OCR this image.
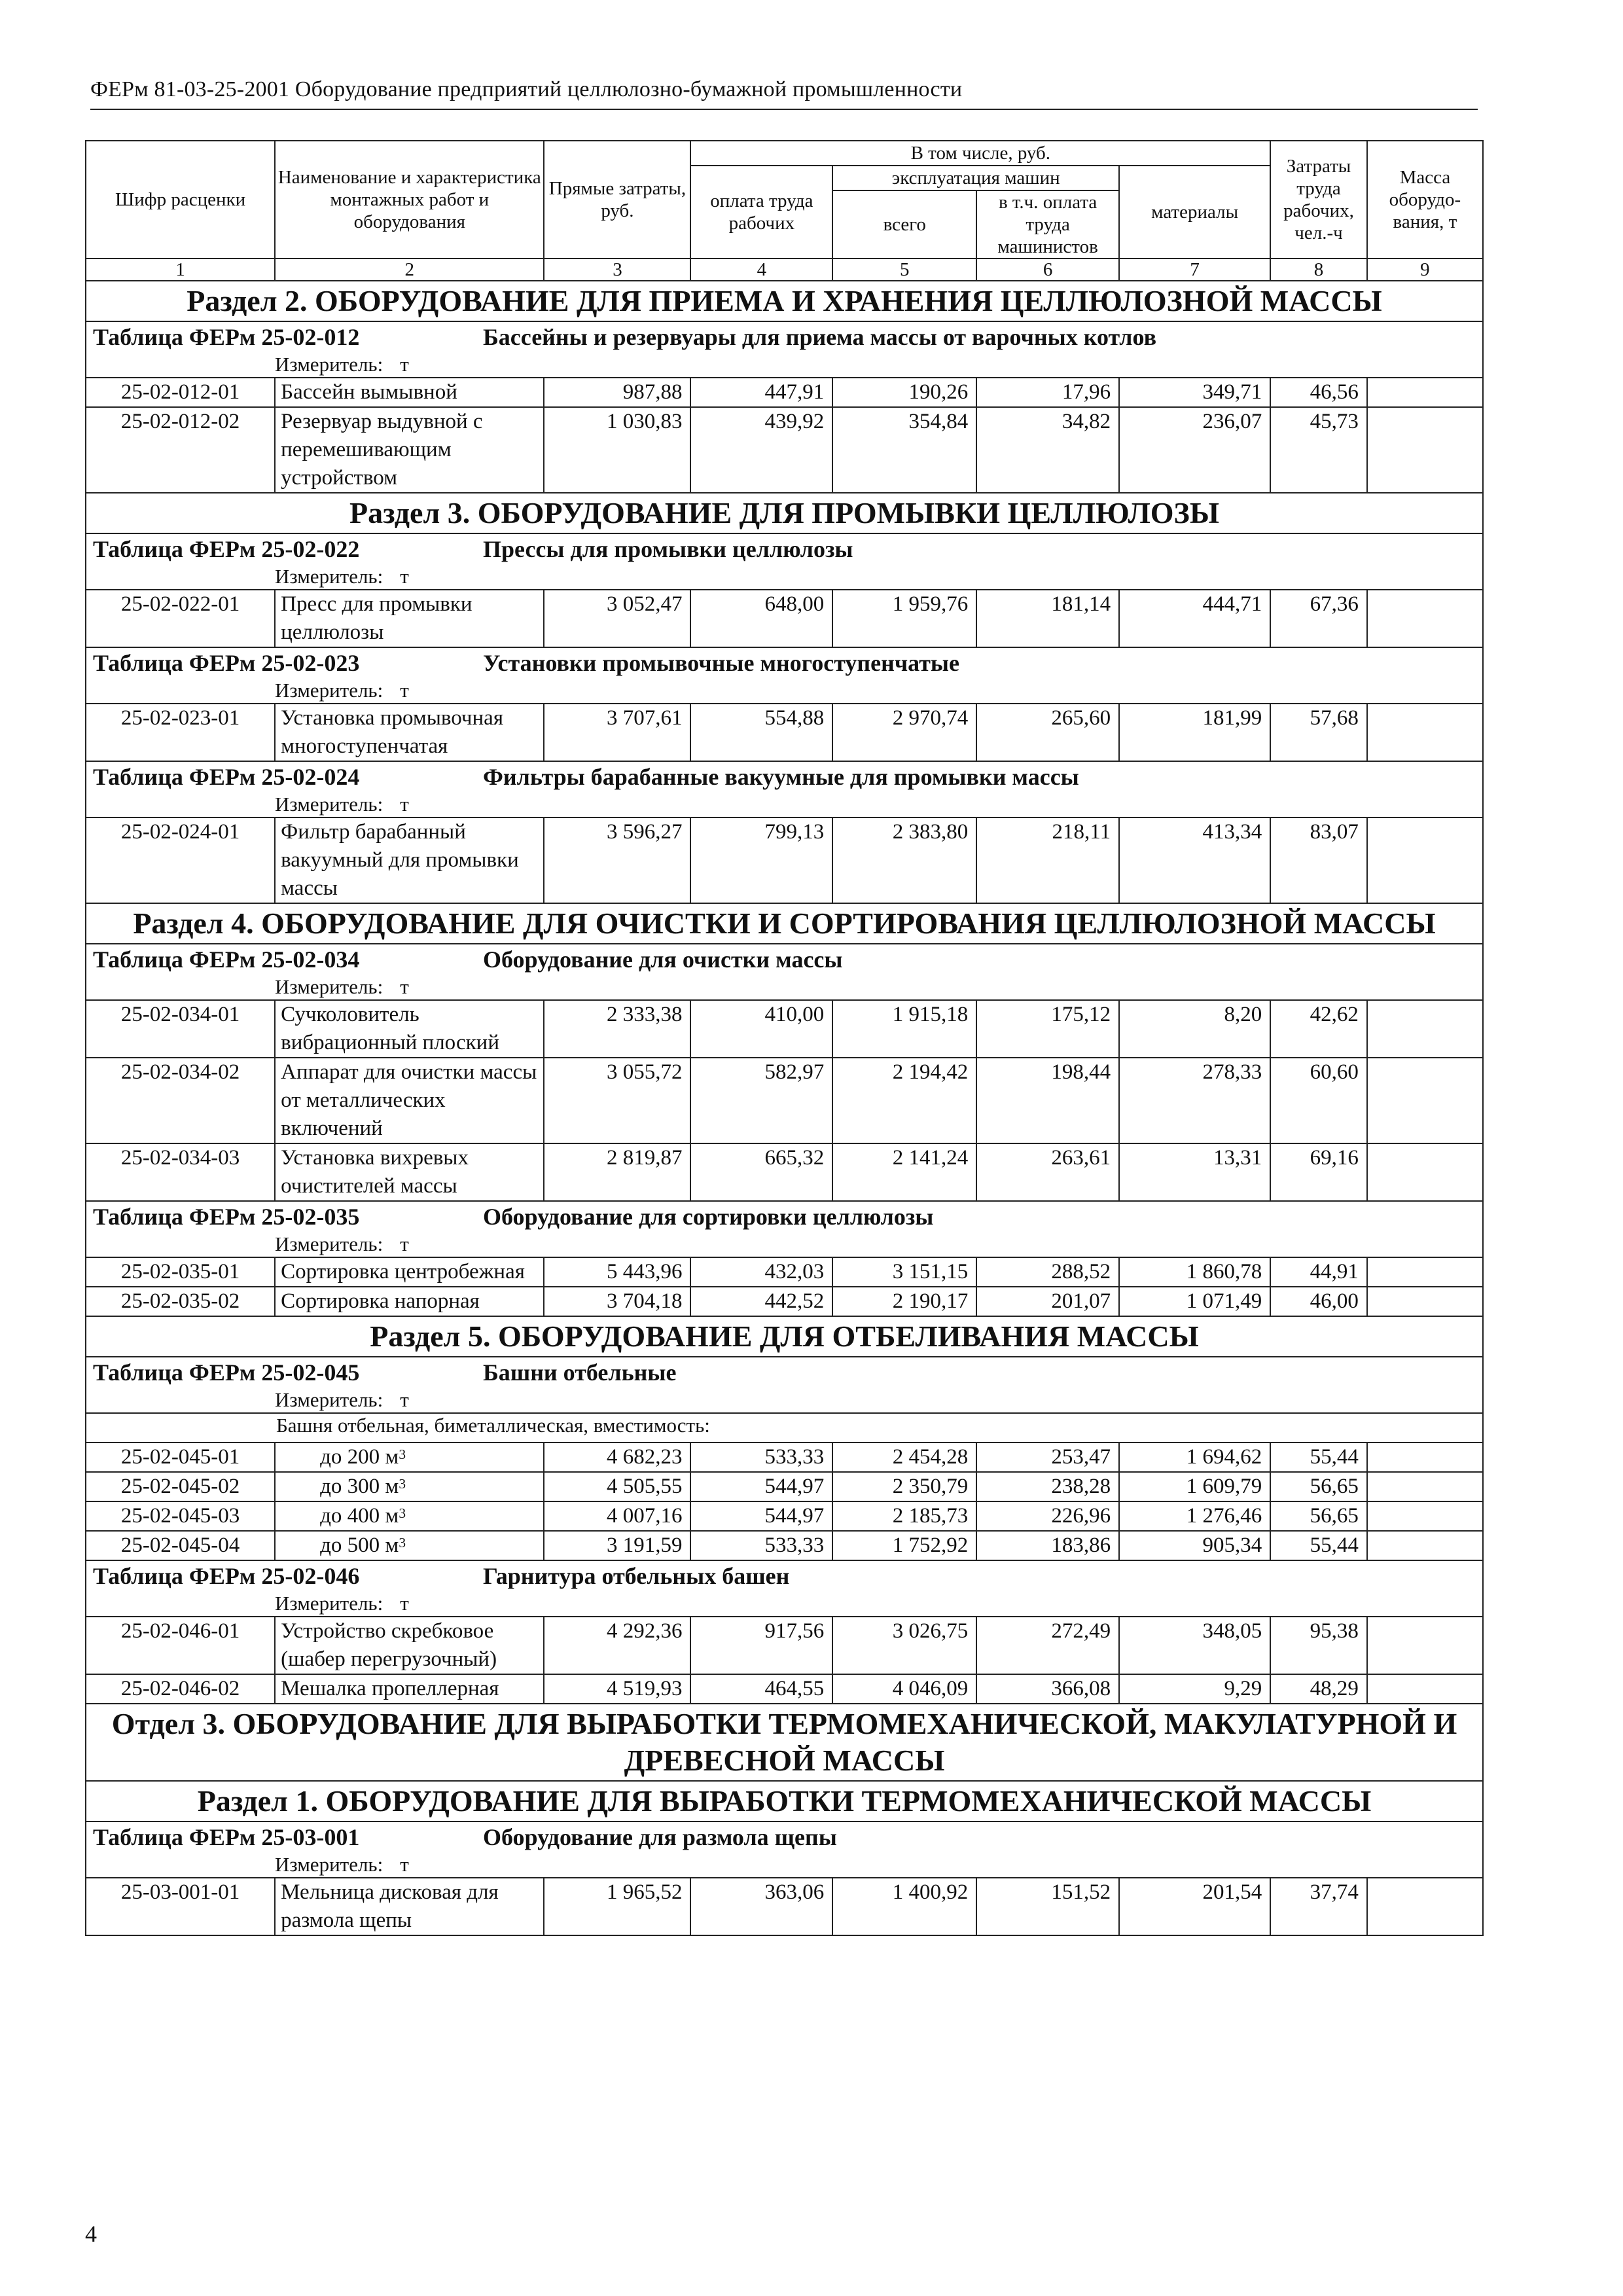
ФЕРм 81-03-25-2001 Оборудование предприятий целлюлозно-бумажной промышленности
Шифр расценки	Наименование и характеристика монтажных работ и оборудования	Прямые затраты, руб.	В том числе, руб.				Затраты труда рабочих, чел.-ч	Масса оборудо-вания, т
			оплата труда рабочих	эксплуатация машин		материалы		
				всего	в т.ч. оплата труда машинистов			

1	2	3	4	5	6	7	8	9
Раздел 2. ОБОРУДОВАНИЕ ДЛЯ ПРИЕМА И ХРАНЕНИЯ ЦЕЛЛЮЛОЗНОЙ МАССЫ								
Таблица ФЕРм 25-02-012 Бассейны и резервуары для приема массы от варочных котлов								
Измеритель: т								
25-02-012-01	Бассейн вымывной	987,88	447,91	190,26	17,96	349,71	46,56	
25-02-012-02	Резервуар выдувной с перемешивающим устройством	1 030,83	439,92	354,84	34,82	236,07	45,73	
Раздел 3. ОБОРУДОВАНИЕ ДЛЯ ПРОМЫВКИ ЦЕЛЛЮЛОЗЫ								
Таблица ФЕРм 25-02-022 Прессы для промывки целлюлозы								
Измеритель: т								
25-02-022-01	Пресс для промывки целлюлозы	3 052,47	648,00	1 959,76	181,14	444,71	67,36	
Таблица ФЕРм 25-02-023 Установки промывочные многоступенчатые								
Измеритель: т								
25-02-023-01	Установка промывочная многоступенчатая	3 707,61	554,88	2 970,74	265,60	181,99	57,68	
Таблица ФЕРм 25-02-024 Фильтры барабанные вакуумные для промывки массы								
Измеритель: т								
25-02-024-01	Фильтр барабанный вакуумный для промывки массы	3 596,27	799,13	2 383,80	218,11	413,34	83,07	
Раздел 4. ОБОРУДОВАНИЕ ДЛЯ ОЧИСТКИ И СОРТИРОВАНИЯ ЦЕЛЛЮЛОЗНОЙ МАССЫ								
Таблица ФЕРм 25-02-034 Оборудование для очистки массы								
Измеритель: т								
25-02-034-01	Сучколовитель вибрационный плоский	2 333,38	410,00	1 915,18	175,12	8,20	42,62	
25-02-034-02	Аппарат для очистки массы от металлических включений	3 055,72	582,97	2 194,42	198,44	278,33	60,60	
25-02-034-03	Установка вихревых очистителей массы	2 819,87	665,32	2 141,24	263,61	13,31	69,16	
Таблица ФЕРм 25-02-035 Оборудование для сортировки целлюлозы								
Измеритель: т								
25-02-035-01	Сортировка центробежная	5 443,96	432,03	3 151,15	288,52	1 860,78	44,91	
25-02-035-02	Сортировка напорная	3 704,18	442,52	2 190,17	201,07	1 071,49	46,00	
Раздел 5. ОБОРУДОВАНИЕ ДЛЯ ОТБЕЛИВАНИЯ МАССЫ								
Таблица ФЕРм 25-02-045 Башни отбельные								
Измеритель: т								
Башня отбельная, биметаллическая, вместимость:								
25-02-045-01	до 200 $м^3$	4 682,23	533,33	2 454,28	253,47	1 694,62	55,44	
25-02-045-02	до 300 $м^3$	4 505,55	544,97	2 350,79	238,28	1 609,79	56,65	
25-02-045-03	до 400 $м^3$	4 007,16	544,97	2 185,73	226,96	1 276,46	56,65	
25-02-045-04	до 500 $м^3$	3 191,59	533,33	1 752,92	183,86	905,34	55,44	
Таблица ФЕРм 25-02-046 Гарнитура отбельных башен								
Измеритель: т								
25-02-046-01	Устройство скребковое (шабер перегрузочный)	4 292,36	917,56	3 026,75	272,49	348,05	95,38	
25-02-046-02	Мешалка пропеллерная	4 519,93	464,55	4 046,09	366,08	9,29	48,29	
Отдел 3. ОБОРУДОВАНИЕ ДЛЯ ВЫРАБОТКИ ТЕРМОМЕХАНИЧЕСКОЙ, МАКУЛАТУРНОЙ И ДРЕВЕСНОЙ МАССЫ								
Раздел 1. ОБОРУДОВАНИЕ ДЛЯ ВЫРАБОТКИ ТЕРМОМЕХАНИЧЕСКОЙ МАССЫ								
Таблица ФЕРм 25-03-001 Оборудование для размола щепы								
Измеритель: т								
25-03-001-01	Мельница дисковая для размола щепы	1 965,52	363,06	1 400,92	151,52	201,54	37,74	
4
